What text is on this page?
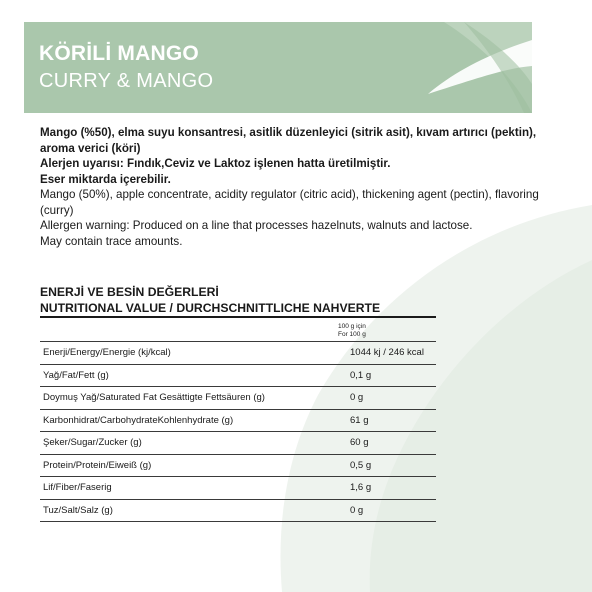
KÖRİLİ MANGO
CURRY & MANGO
Mango (%50), elma suyu konsantresi, asitlik düzenleyici (sitrik asit), kıvam artırıcı (pektin), aroma verici (köri)
Alerjen uyarısı: Fındık,Ceviz ve Laktoz işlenen hatta üretilmiştir.
Eser miktarda içerebilir.
Mango (50%), apple concentrate, acidity regulator (citric acid), thickening agent (pectin), flavoring (curry)
Allergen warning: Produced on a line that processes hazelnuts, walnuts and lactose.
May contain trace amounts.
ENERJİ VE BESİN DEĞERLERİ
NUTRITIONAL VALUE / DURCHSCHNITTLICHE NAHVERTE
100 g için
For 100 g
Enerji/Energy/Energie (kj/kcal)	1044 kj / 246 kcal
Yağ/Fat/Fett (g)	0,1 g
Doymuş Yağ/Saturated Fat Gesättigte Fettsäuren (g)	0 g
Karbonhidrat/CarbohydrateKohlenhydrate (g)	61 g
Şeker/Sugar/Zucker (g)	60 g
Protein/Protein/Eiweiß (g)	0,5 g
Lif/Fiber/Faserig	1,6 g
Tuz/Salt/Salz (g)	0 g
